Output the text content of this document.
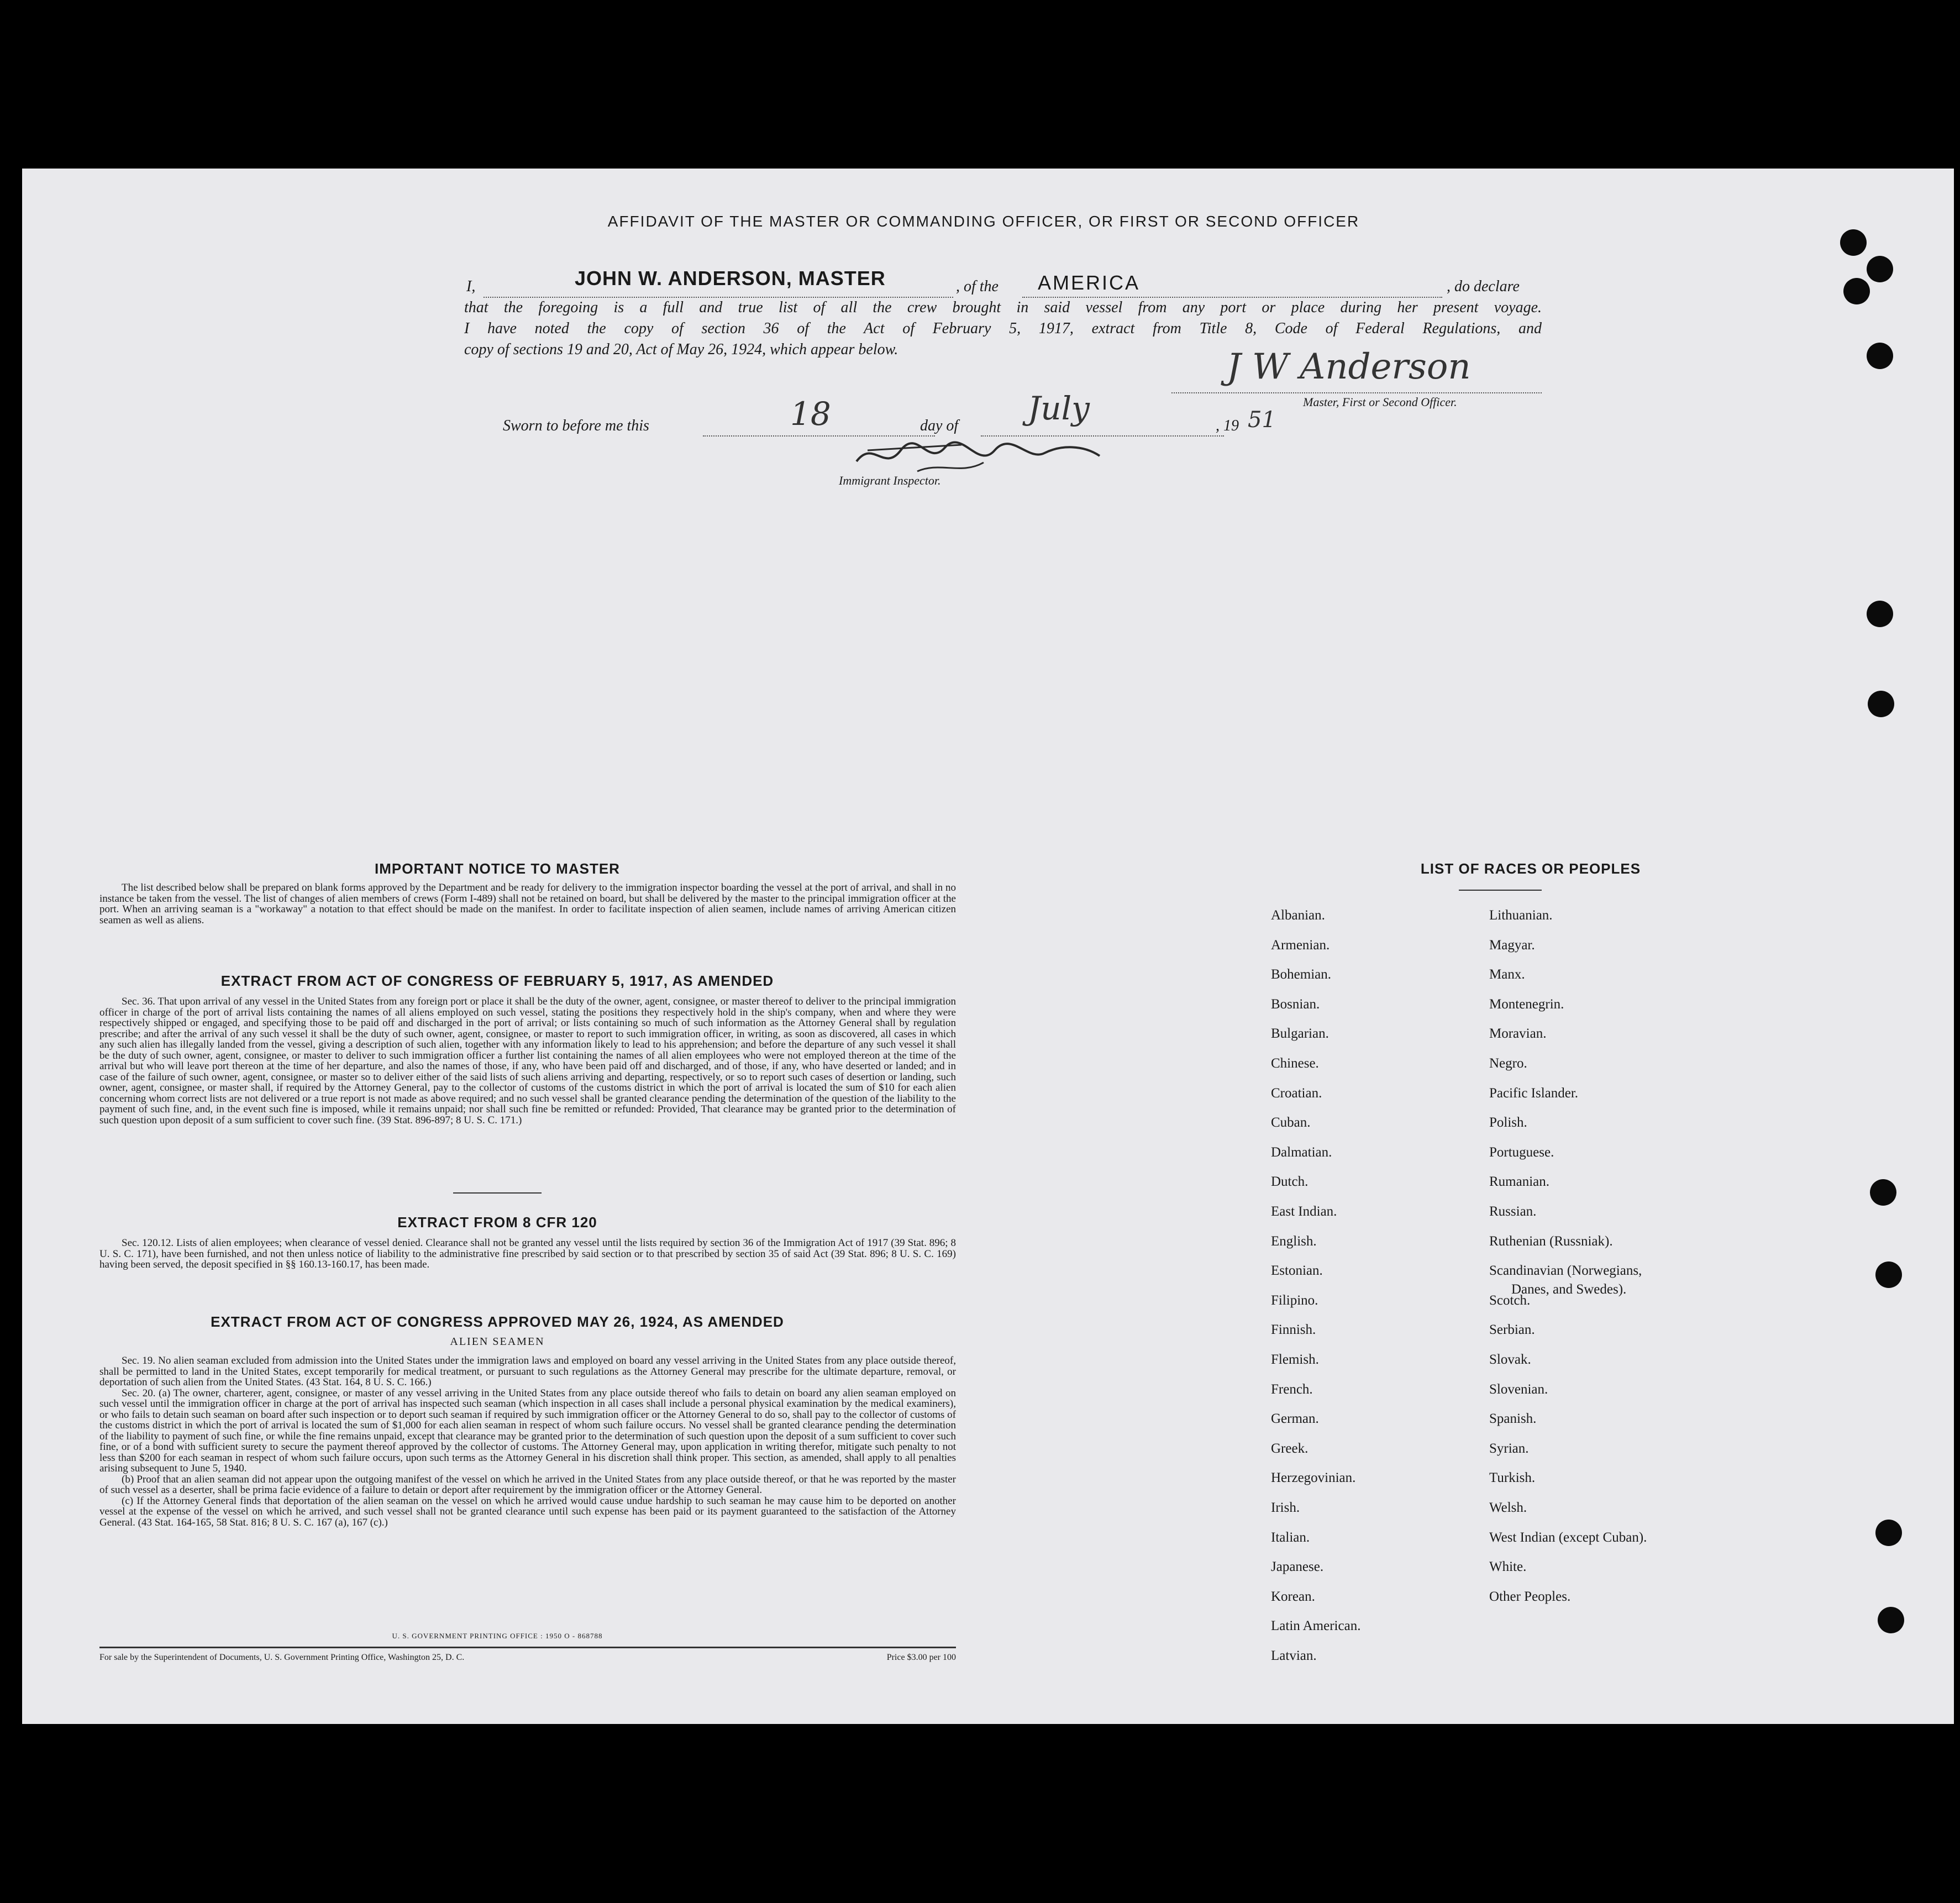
AFFIDAVIT OF THE MASTER OR COMMANDING OFFICER, OR FIRST OR SECOND OFFICER
I,	JOHN W. ANDERSON, MASTER	, of the AMERICA	, do declare
that the foregoing is a full and true list of all the crew brought in said vessel from any port or place during her present voyage.
I have noted the copy of section 36 of the Act of February 5, 1917, extract from Title 8, Code of Federal Regulations, and
copy of sections 19 and 20, Act of May 26, 1924, which appear below.	J W Anderson
Master, First or Second Officer.
Sworn to before me this	18	day of July	, 19 51
Immigrant Inspector.
IMPORTANT NOTICE TO MASTER

The list described below shall be prepared on blank forms approved by the Department and be ready for delivery to the immigration inspector boarding the vessel at the port of arrival, and shall in no instance be taken from the vessel. The list of changes of alien members of crews (Form I-489) shall not be retained on board, but shall be delivered by the master to the principal immigration officer at the port. When an arriving seaman is a "workaway" a notation to that effect should be made on the manifest. In order to facilitate inspection of alien seamen, include names of arriving American citizen seamen as well as aliens.

EXTRACT FROM ACT OF CONGRESS OF FEBRUARY 5, 1917, AS AMENDED

Sec. 36. That upon arrival of any vessel in the United States from any foreign port or place it shall be the duty of the owner, agent, consignee, or master thereof to deliver to the principal immigration officer in charge of the port of arrival lists containing the names of all aliens employed on such vessel, stating the positions they respectively hold in the ship's company, when and where they were respectively shipped or engaged, and specifying those to be paid off and discharged in the port of arrival; or lists containing so much of such information as the Attorney General shall by regulation prescribe; and after the arrival of any such vessel it shall be the duty of such owner, agent, consignee, or master to report to such immigration officer, in writing, as soon as discovered, all cases in which any such alien has illegally landed from the vessel, giving a description of such alien, together with any information likely to lead to his apprehension; and before the departure of any such vessel it shall be the duty of such owner, agent, consignee, or master to deliver to such immigration officer a further list containing the names of all alien employees who were not employed thereon at the time of the arrival but who will leave port thereon at the time of her departure, and also the names of those, if any, who have been paid off and discharged, and of those, if any, who have deserted or landed; and in case of the failure of such owner, agent, consignee, or master so to deliver either of the said lists of such aliens arriving and departing, respectively, or so to report such cases of desertion or landing, such owner, agent, consignee, or master shall, if required by the Attorney General, pay to the collector of customs of the customs district in which the port of arrival is located the sum of $10 for each alien concerning whom correct lists are not delivered or a true report is not made as above required; and no such vessel shall be granted clearance pending the determination of the question of the liability to the payment of such fine, and, in the event such fine is imposed, while it remains unpaid; nor shall such fine be remitted or refunded: Provided, That clearance may be granted prior to the determination of such question upon deposit of a sum sufficient to cover such fine. (39 Stat. 896-897; 8 U. S. C. 171.)

EXTRACT FROM 8 CFR 120

Sec. 120.12. Lists of alien employees; when clearance of vessel denied. Clearance shall not be granted any vessel until the lists required by section 36 of the Immigration Act of 1917 (39 Stat. 896; 8 U. S. C. 171), have been furnished, and not then unless notice of liability to the administrative fine prescribed by said section or to that prescribed by section 35 of said Act (39 Stat. 896; 8 U. S. C. 169) having been served, the deposit specified in §§ 160.13-160.17, has been made.

EXTRACT FROM ACT OF CONGRESS APPROVED MAY 26, 1924, AS AMENDED
ALIEN SEAMEN

Sec. 19. No alien seaman excluded from admission into the United States under the immigration laws and employed on board any vessel arriving in the United States from any place outside thereof, shall be permitted to land in the United States, except temporarily for medical treatment, or pursuant to such regulations as the Attorney General may prescribe for the ultimate departure, removal, or deportation of such alien from the United States. (43 Stat. 164, 8 U. S. C. 166.)

Sec. 20. (a) The owner, charterer, agent, consignee, or master of any vessel arriving in the United States from any place outside thereof who fails to detain on board any alien seaman employed on such vessel until the immigration officer in charge at the port of arrival has inspected such seaman (which inspection in all cases shall include a personal physical examination by the medical examiners), or who fails to detain such seaman on board after such inspection or to deport such seaman if required by such immigration officer or the Attorney General to do so, shall pay to the collector of customs of the customs district in which the port of arrival is located the sum of $1,000 for each alien seaman in respect of whom such failure occurs. No vessel shall be granted clearance pending the determination of the liability to payment of such fine, or while the fine remains unpaid, except that clearance may be granted prior to the determination of such question upon the deposit of a sum sufficient to cover such fine, or of a bond with sufficient surety to secure the payment thereof approved by the collector of customs. The Attorney General may, upon application in writing therefor, mitigate such penalty to not less than $200 for each seaman in respect of whom such failure occurs, upon such terms as the Attorney General in his discretion shall think proper. This section, as amended, shall apply to all penalties arising subsequent to June 5, 1940.

(b) Proof that an alien seaman did not appear upon the outgoing manifest of the vessel on which he arrived in the United States from any place outside thereof, or that he was reported by the master of such vessel as a deserter, shall be prima facie evidence of a failure to detain or deport after requirement by the immigration officer or the Attorney General.

(c) If the Attorney General finds that deportation of the alien seaman on the vessel on which he arrived would cause undue hardship to such seaman he may cause him to be deported on another vessel at the expense of the vessel on which he arrived, and such vessel shall not be granted clearance until such expense has been paid or its payment guaranteed to the satisfaction of the Attorney General. (43 Stat. 164-165, 58 Stat. 816; 8 U. S. C. 167 (a), 167 (c).)

U. S. GOVERNMENT PRINTING OFFICE : 1950 O - 868788
For sale by the Superintendent of Documents, U. S. Government Printing Office, Washington 25, D. C.	Price $3.00 per 100
LIST OF RACES OR PEOPLES
Albanian.
Armenian.
Bohemian.
Bosnian.
Bulgarian.
Chinese.
Croatian.
Cuban.
Dalmatian.
Dutch.
East Indian.
English.
Estonian.
Filipino.
Finnish.
Flemish.
French.
German.
Greek.
Herzegovinian.
Irish.
Italian.
Japanese.
Korean.
Latin American.
Latvian.
Lithuanian.
Magyar.
Manx.
Montenegrin.
Moravian.
Negro.
Pacific Islander.
Polish.
Portuguese.
Rumanian.
Russian.
Ruthenian (Russniak).
Scandinavian (Norwegians,
Danes, and Swedes).
Scotch.
Serbian.
Slovak.
Slovenian.
Spanish.
Syrian.
Turkish.
Welsh.
West Indian (except Cuban).
White.
Other Peoples.
